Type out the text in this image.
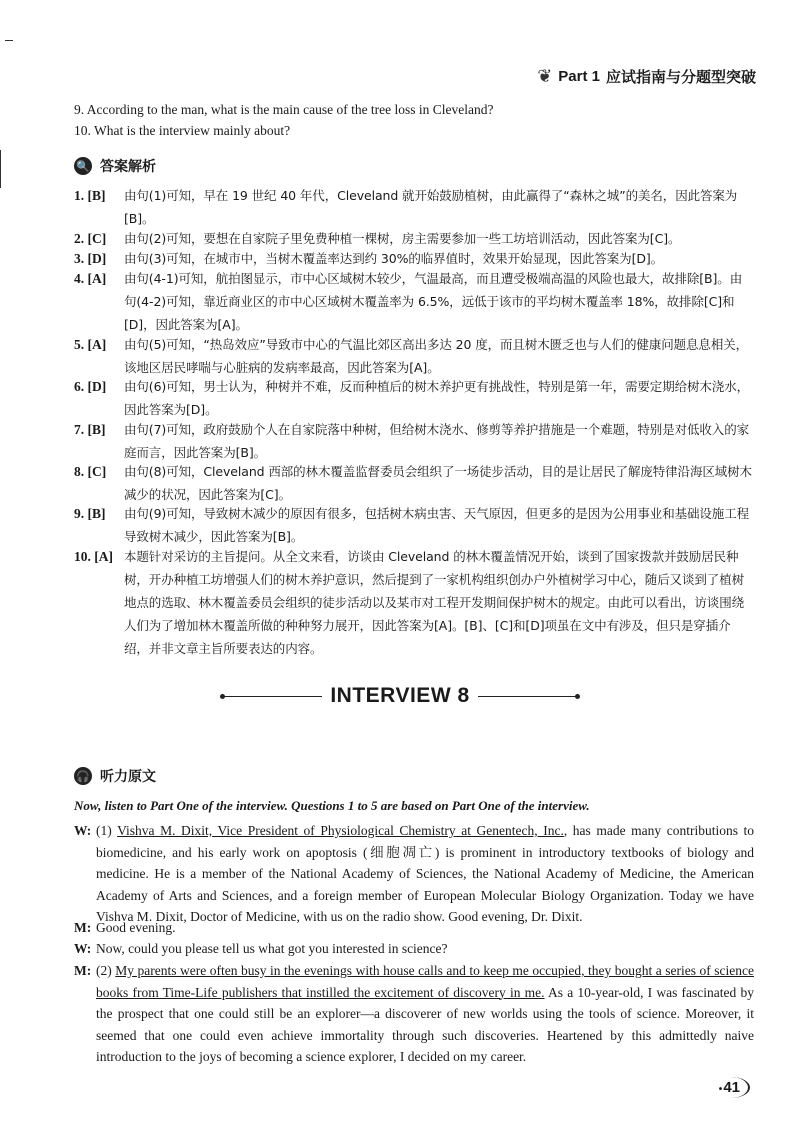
❦ Part 1 应试指南与分题型突破
9. According to the man, what is the main cause of the tree loss in Cleveland?
10. What is the interview mainly about?
🔍 答案解析
1. [B]	由句(1)可知，早在 19 世纪 40 年代，Cleveland 就开始鼓励植树，由此赢得了“森林之城”的美名，因此答案为[B]。
2. [C]	由句(2)可知，要想在自家院子里免费种植一棵树，房主需要参加一些工坊培训活动，因此答案为[C]。
3. [D]	由句(3)可知，在城市中，当树木覆盖率达到约 30%的临界值时，效果开始显现，因此答案为[D]。
4. [A]	由句(4-1)可知，航拍图显示，市中心区域树木较少，气温最高，而且遭受极端高温的风险也最大，故排除[B]。由句(4-2)可知，靠近商业区的市中心区域树木覆盖率为 6.5%，远低于该市的平均树木覆盖率 18%，故排除[C]和[D]，因此答案为[A]。
5. [A]	由句(5)可知，“热岛效应”导致市中心的气温比郊区高出多达 20 度，而且树木匮乏也与人们的健康问题息息相关，该地区居民哮喘与心脏病的发病率最高，因此答案为[A]。
6. [D]	由句(6)可知，男士认为，种树并不难，反而种植后的树木养护更有挑战性，特别是第一年，需要定期给树木浇水，因此答案为[D]。
7. [B]	由句(7)可知，政府鼓励个人在自家院落中种树，但给树木浇水、修剪等养护措施是一个难题，特别是对低收入的家庭而言，因此答案为[B]。
8. [C]	由句(8)可知，Cleveland 西部的林木覆盖监督委员会组织了一场徒步活动，目的是让居民了解庞特律沿海区域树木减少的状况，因此答案为[C]。
9. [B]	由句(9)可知，导致树木减少的原因有很多，包括树木病虫害、天气原因，但更多的是因为公用事业和基础设施工程导致树木减少，因此答案为[B]。
10. [A] 本题针对采访的主旨提问。从全文来看，访谈由 Cleveland 的林木覆盖情况开始，谈到了国家拨款并鼓励居民种树，开办种植工坊增强人们的树木养护意识，然后提到了一家机构组织创办户外植树学习中心，随后又谈到了植树地点的选取、林木覆盖委员会组织的徒步活动以及某市对工程开发期间保护树木的规定。由此可以看出，访谈围绕人们为了增加林木覆盖所做的种种努力展开，因此答案为[A]。[B]、[C]和[D]项虽在文中有涉及，但只是穿插介绍，并非文章主旨所要表达的内容。
INTERVIEW 8
🎧 听力原文
Now, listen to Part One of the interview. Questions 1 to 5 are based on Part One of the interview.
W: (1) Vishva M. Dixit, Vice President of Physiological Chemistry at Genentech, Inc., has made many contributions to biomedicine, and his early work on apoptosis (细胞凋亡) is prominent in introductory textbooks of biology and medicine. He is a member of the National Academy of Sciences, the National Academy of Medicine, the American Academy of Arts and Sciences, and a foreign member of European Molecular Biology Organization. Today we have Vishva M. Dixit, Doctor of Medicine, with us on the radio show. Good evening, Dr. Dixit.
M: Good evening.
W: Now, could you please tell us what got you interested in science?
M: (2) My parents were often busy in the evenings with house calls and to keep me occupied, they bought a series of science books from Time-Life publishers that instilled the excitement of discovery in me. As a 10-year-old, I was fascinated by the prospect that one could still be an explorer—a discoverer of new worlds using the tools of science. Moreover, it seemed that one could even achieve immortality through such discoveries. Heartened by this admittedly naive introduction to the joys of becoming a science explorer, I decided on my career.
• 41
